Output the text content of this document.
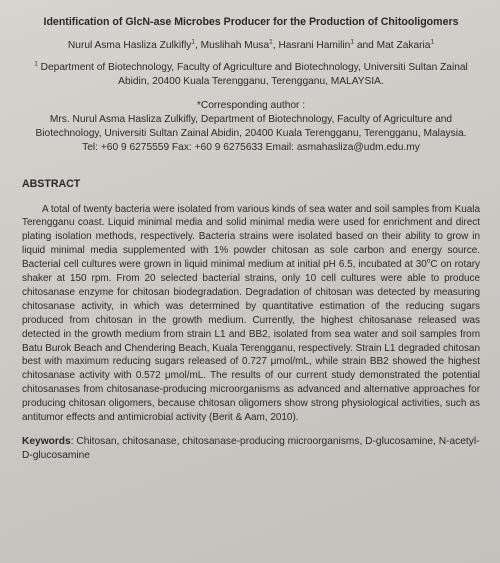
Identification of GlcN-ase Microbes Producer for the Production of Chitooligomers
Nurul Asma Hasliza Zulkifly$^1$, Muslihah Musa$^1$, Hasrani Hamilin$^1$ and Mat Zakaria$^1$
$^1$ Department of Biotechnology, Faculty of Agriculture and Biotechnology, Universiti Sultan Zainal Abidin, 20400 Kuala Terengganu, Terengganu, MALAYSIA.
*Corresponding author :
Mrs. Nurul Asma Hasliza Zulkifly, Department of Biotechnology, Faculty of Agriculture and Biotechnology, Universiti Sultan Zainal Abidin, 20400 Kuala Terengganu, Terengganu, Malaysia.
Tel: +60 9 6275559 Fax: +60 9 6275633 Email: asmahasliza@udm.edu.my
ABSTRACT
A total of twenty bacteria were isolated from various kinds of sea water and soil samples from Kuala Terengganu coast. Liquid minimal media and solid minimal media were used for enrichment and direct plating isolation methods, respectively. Bacteria strains were isolated based on their ability to grow in liquid minimal media supplemented with 1% powder chitosan as sole carbon and energy source. Bacterial cell cultures were grown in liquid minimal medium at initial pH 6.5, incubated at 30$^o$C on rotary shaker at 150 rpm. From 20 selected bacterial strains, only 10 cell cultures were able to produce chitosanase enzyme for chitosan biodegradation. Degradation of chitosan was detected by measuring chitosanase activity, in which was determined by quantitative estimation of the reducing sugars produced from chitosan in the growth medium. Currently, the highest chitosanase released was detected in the growth medium from strain L1 and BB2, isolated from sea water and soil samples from Batu Burok Beach and Chendering Beach, Kuala Terengganu, respectively. Strain L1 degraded chitosan best with maximum reducing sugars released of 0.727 μmol/mL, while strain BB2 showed the highest chitosanase activity with 0.572 μmol/mL. The results of our current study demonstrated the potential chitosanases from chitosanase-producing microorganisms as advanced and alternative approaches for producing chitosan oligomers, because chitosan oligomers show strong physiological activities, such as antitumor effects and antimicrobial activity (Berit & Aam, 2010).
Keywords: Chitosan, chitosanase, chitosanase-producing microorganisms, D-glucosamine, N-acetyl-D-glucosamine
